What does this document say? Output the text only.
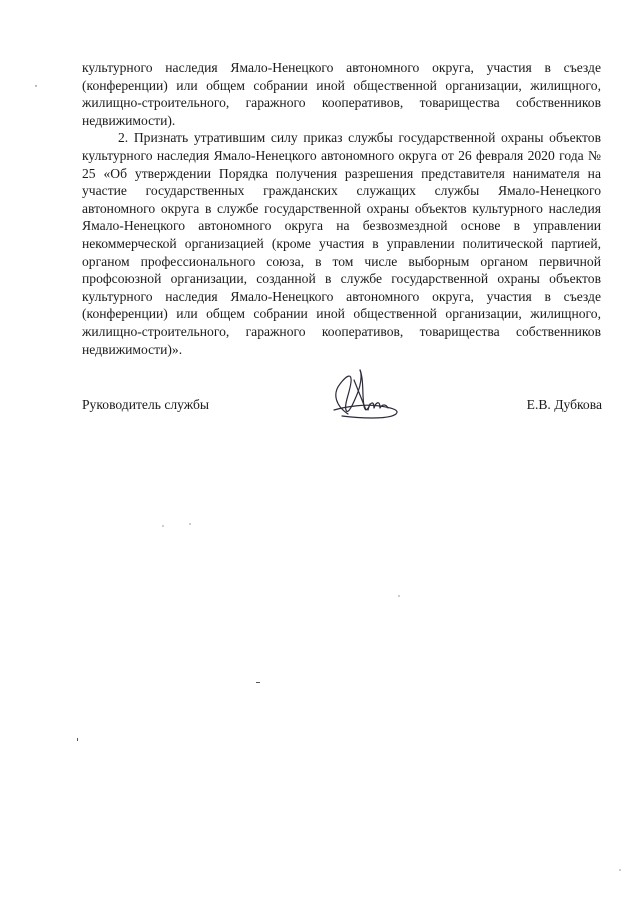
культурного наследия Ямало-Ненецкого автономного округа, участия в съезде (конференции) или общем собрании иной общественной организации, жилищного, жилищно-строительного, гаражного кооперативов, товарищества собственников недвижимости).

2. Признать утратившим силу приказ службы государственной охраны объектов культурного наследия Ямало-Ненецкого автономного округа от 26 февраля 2020 года № 25 «Об утверждении Порядка получения разрешения представителя нанимателя на участие государственных гражданских служащих службы Ямало-Ненецкого автономного округа в службе государственной охраны объектов культурного наследия Ямало-Ненецкого автономного округа на безвозмездной основе в управлении некоммерческой организацией (кроме участия в управлении политической партией, органом профессионального союза, в том числе выборным органом первичной профсоюзной организации, созданной в службе государственной охраны объектов культурного наследия Ямало-Ненецкого автономного округа, участия в съезде (конференции) или общем собрании иной общественной организации, жилищного, жилищно-строительного, гаражного кооперативов, товарищества собственников недвижимости)».

Руководитель службы	Е.В. Дубкова
